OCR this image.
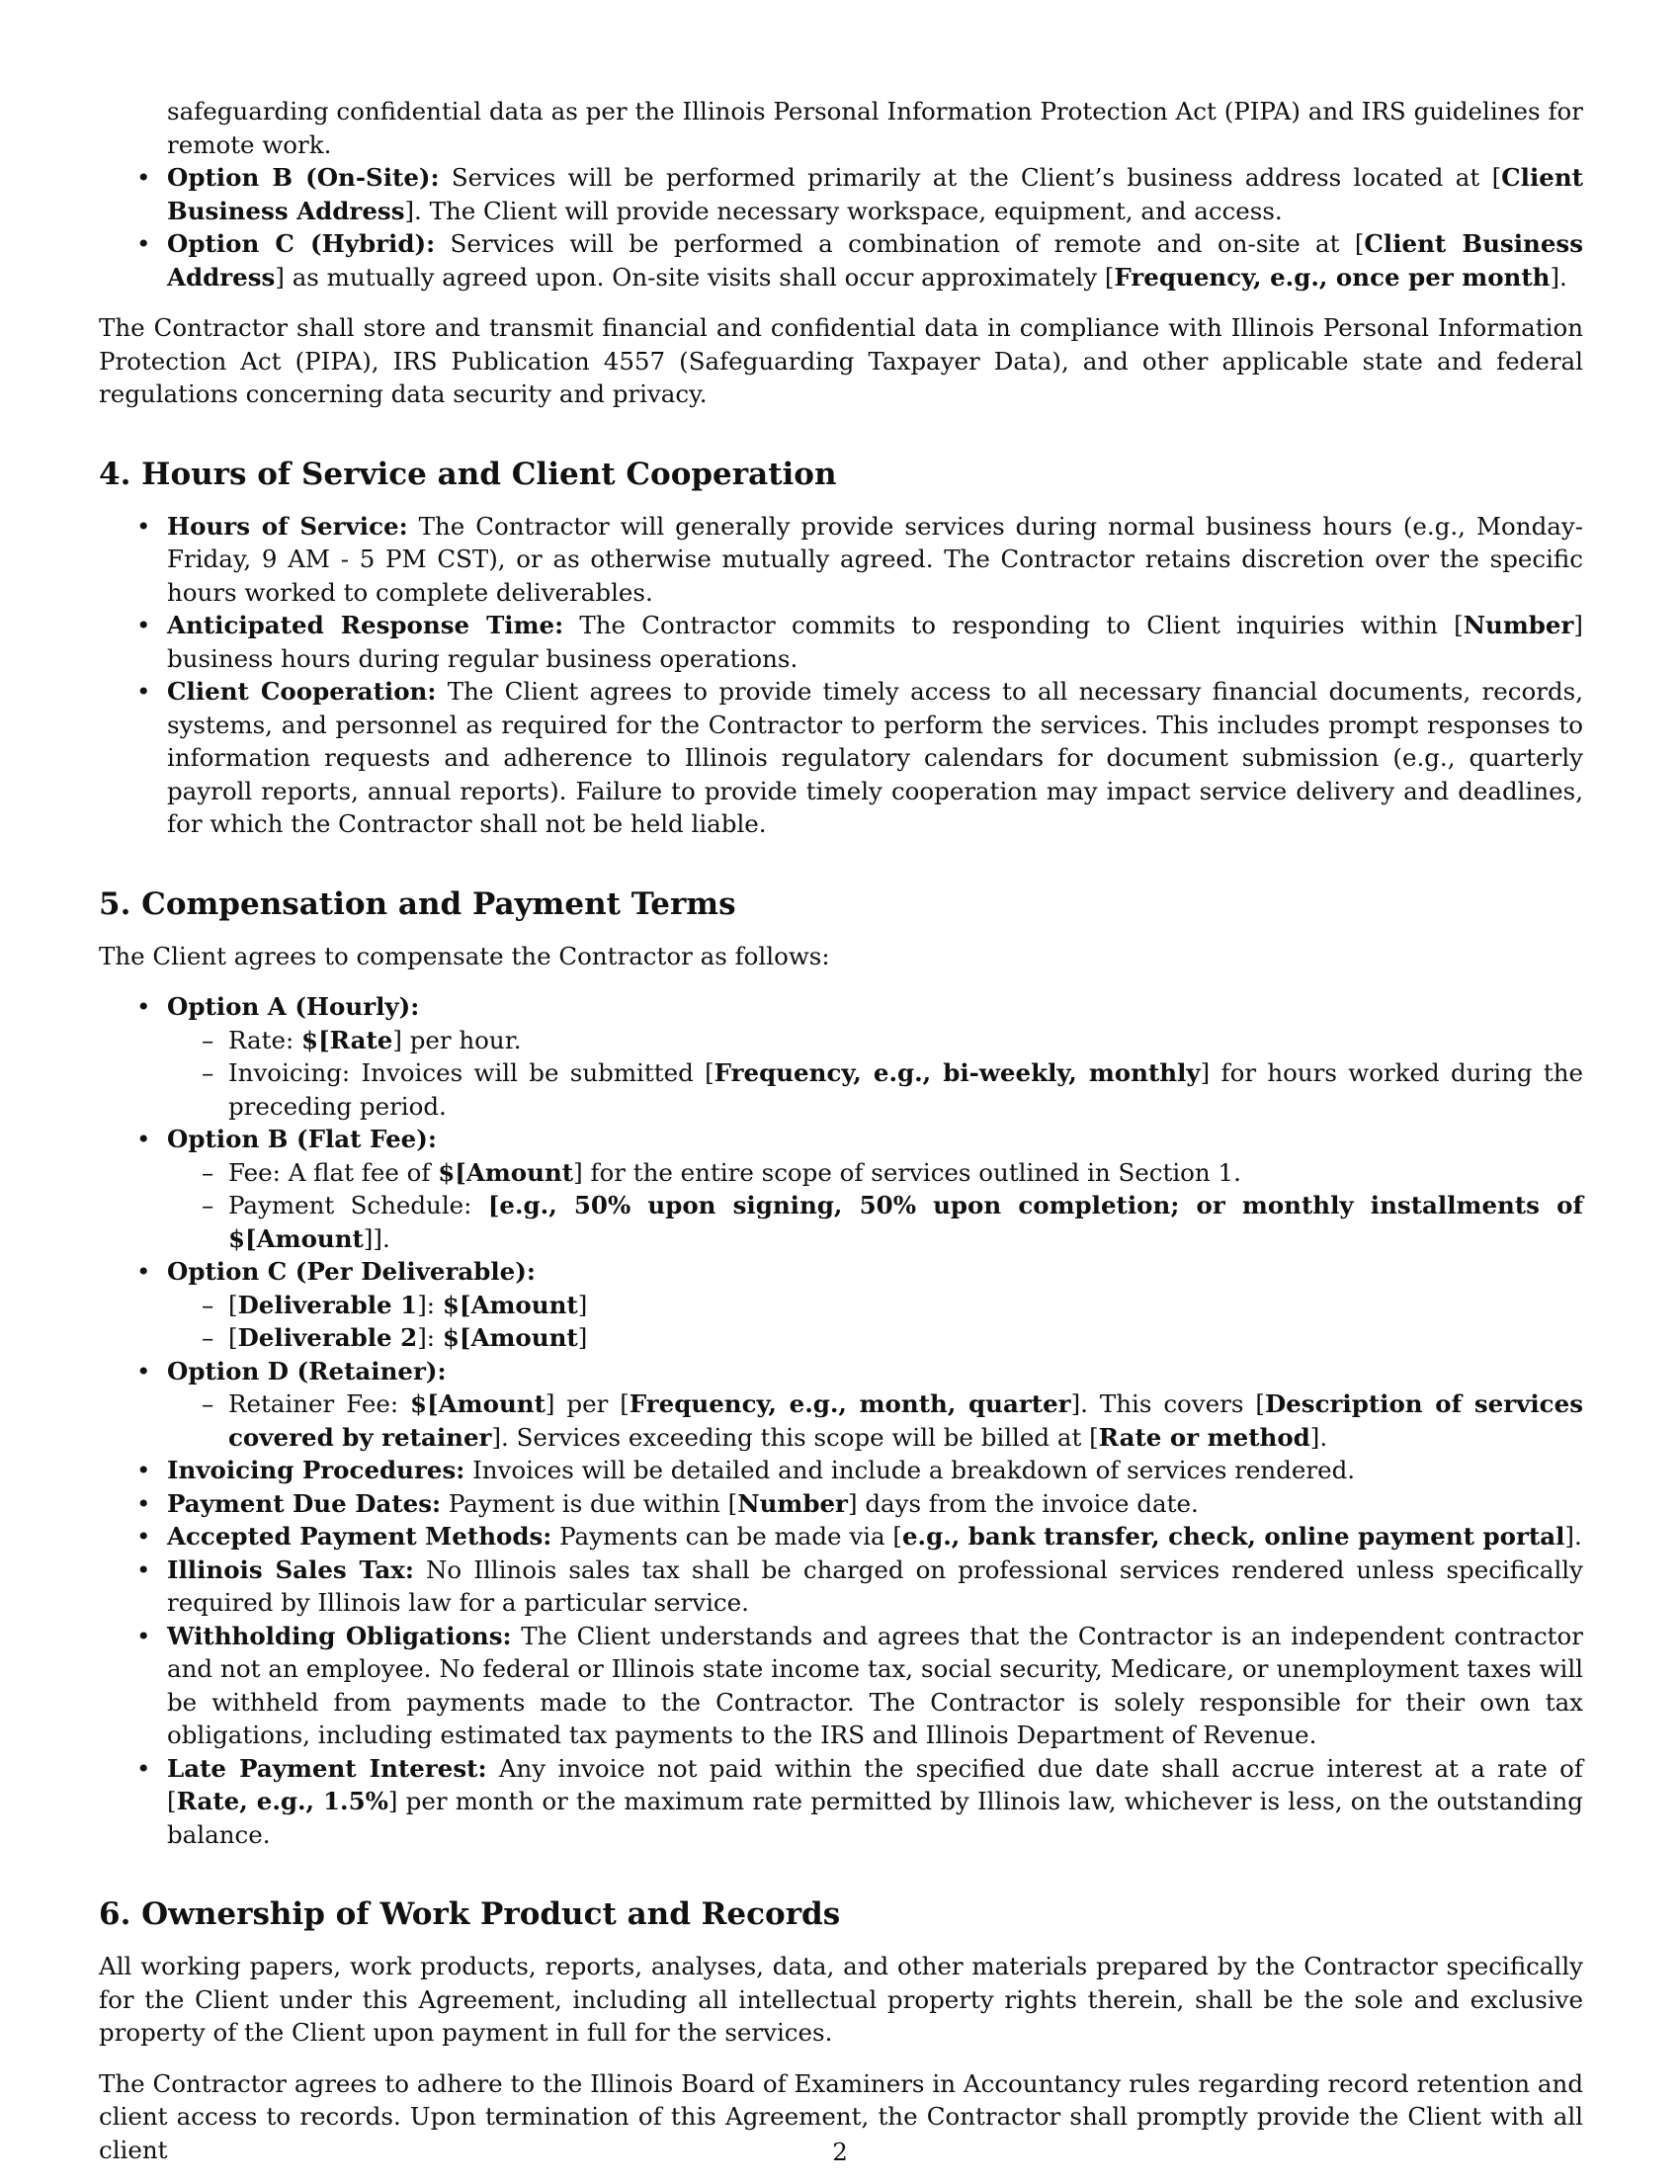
safeguarding confidential data as per the Illinois Personal Information Protection Act (PIPA) and IRS guidelines for remote work.

• Option B (On-Site): Services will be performed primarily at the Client’s business address located at [Client Business Address]. The Client will provide necessary workspace, equipment, and access.
• Option C (Hybrid): Services will be performed a combination of remote and on-site at [Client Business Address] as mutually agreed upon. On-site visits shall occur approximately [Frequency, e.g., once per month].

The Contractor shall store and transmit financial and confidential data in compliance with Illinois Personal Information Protection Act (PIPA), IRS Publication 4557 (Safeguarding Taxpayer Data), and other applicable state and federal regulations concerning data security and privacy.

4. Hours of Service and Client Cooperation
• Hours of Service: The Contractor will generally provide services during normal business hours (e.g., Monday-Friday, 9 AM - 5 PM CST), or as otherwise mutually agreed. The Contractor retains discretion over the specific hours worked to complete deliverables.
• Anticipated Response Time: The Contractor commits to responding to Client inquiries within [Number] business hours during regular business operations.
• Client Cooperation: The Client agrees to provide timely access to all necessary financial documents, records, systems, and personnel as required for the Contractor to perform the services. This includes prompt responses to information requests and adherence to Illinois regulatory calendars for document submission (e.g., quarterly payroll reports, annual reports). Failure to provide timely cooperation may impact service delivery and deadlines, for which the Contractor shall not be held liable.
5. Compensation and Payment Terms

The Client agrees to compensate the Contractor as follows:

• Option A (Hourly):
– Rate: $[Rate] per hour.
– Invoicing: Invoices will be submitted [Frequency, e.g., bi-weekly, monthly] for hours worked during the preceding period.
• Option B (Flat Fee):
– Fee: A flat fee of $[Amount] for the entire scope of services outlined in Section 1.
– Payment Schedule: [e.g., 50% upon signing, 50% upon completion; or monthly installments of $[Amount]].
• Option C (Per Deliverable):
– [Deliverable 1]: $[Amount]
– [Deliverable 2]: $[Amount]
• Option D (Retainer):
– Retainer Fee: $[Amount] per [Frequency, e.g., month, quarter]. This covers [Description of services covered by retainer]. Services exceeding this scope will be billed at [Rate or method].
• Invoicing Procedures: Invoices will be detailed and include a breakdown of services rendered.
• Payment Due Dates: Payment is due within [Number] days from the invoice date.
• Accepted Payment Methods: Payments can be made via [e.g., bank transfer, check, online payment portal].
• Illinois Sales Tax: No Illinois sales tax shall be charged on professional services rendered unless specifically required by Illinois law for a particular service.
• Withholding Obligations: The Client understands and agrees that the Contractor is an independent contractor and not an employee. No federal or Illinois state income tax, social security, Medicare, or unemployment taxes will be withheld from payments made to the Contractor. The Contractor is solely responsible for their own tax obligations, including estimated tax payments to the IRS and Illinois Department of Revenue.
• Late Payment Interest: Any invoice not paid within the specified due date shall accrue interest at a rate of [Rate, e.g., 1.5%] per month or the maximum rate permitted by Illinois law, whichever is less, on the outstanding balance.
6. Ownership of Work Product and Records

All working papers, work products, reports, analyses, data, and other materials prepared by the Contractor specifically for the Client under this Agreement, including all intellectual property rights therein, shall be the sole and exclusive property of the Client upon payment in full for the services.

The Contractor agrees to adhere to the Illinois Board of Examiners in Accountancy rules regarding record retention and client access to records. Upon termination of this Agreement, the Contractor shall promptly provide the Client with all client	2
